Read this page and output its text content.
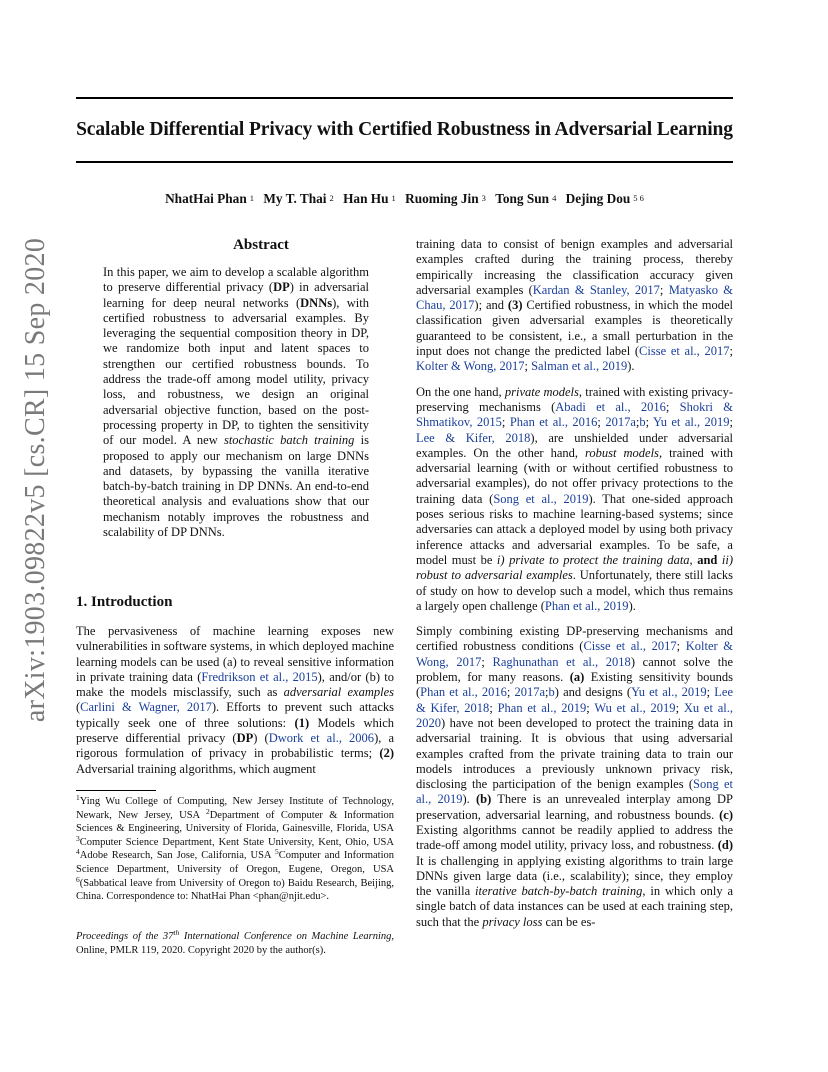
Scalable Differential Privacy with Certified Robustness in Adversarial Learning
NhatHai Phan $^1$ My T. Thai $^2$ Han Hu $^1$ Ruoming Jin $^3$ Tong Sun $^4$ Dejing Dou $^{5 6}$
arXiv:1903.09822v5 [cs.CR] 15 Sep 2020	Abstract
In this paper, we aim to develop a scalable algorithm to preserve differential privacy (DP) in adversarial learning for deep neural networks (DNNs), with certified robustness to adversarial examples. By leveraging the sequential composition theory in DP, we randomize both input and latent spaces to strengthen our certified robustness bounds. To address the trade-off among model utility, privacy loss, and robustness, we design an original adversarial objective function, based on the post-processing property in DP, to tighten the sensitivity of our model. A new stochastic batch training is proposed to apply our mechanism on large DNNs and datasets, by bypassing the vanilla iterative batch-by-batch training in DP DNNs. An end-to-end theoretical analysis and evaluations show that our mechanism notably improves the robustness and scalability of DP DNNs.
1. Introduction
The pervasiveness of machine learning exposes new vulnerabilities in software systems, in which deployed machine learning models can be used (a) to reveal sensitive information in private training data (Fredrikson et al., 2015), and/or (b) to make the models misclassify, such as adversarial examples (Carlini & Wagner, 2017). Efforts to prevent such attacks typically seek one of three solutions: (1) Models which preserve differential privacy (DP) (Dwork et al., 2006), a rigorous formulation of privacy in probabilistic terms; (2) Adversarial training algorithms, which augment
$^1$Ying Wu College of Computing, New Jersey Institute of Technology, Newark, New Jersey, USA $^2$Department of Computer & Information Sciences & Engineering, University of Florida, Gainesville, Florida, USA $^3$Computer Science Department, Kent State University, Kent, Ohio, USA $^4$Adobe Research, San Jose, California, USA $^5$Computer and Information Science Department, University of Oregon, Eugene, Oregon, USA $^6$(Sabbatical leave from University of Oregon to) Baidu Research, Beijing, China. Correspondence to: NhatHai Phan <phan@njit.edu>.
Proceedings of the 37th International Conference on Machine Learning, Online, PMLR 119, 2020. Copyright 2020 by the author(s).

training data to consist of benign examples and adversarial examples crafted during the training process, thereby empirically increasing the classification accuracy given adversarial examples (Kardan & Stanley, 2017; Matyasko & Chau, 2017); and (3) Certified robustness, in which the model classification given adversarial examples is theoretically guaranteed to be consistent, i.e., a small perturbation in the input does not change the predicted label (Cisse et al., 2017; Kolter & Wong, 2017; Salman et al., 2019).

On the one hand, private models, trained with existing privacy-preserving mechanisms (Abadi et al., 2016; Shokri & Shmatikov, 2015; Phan et al., 2016; 2017a;b; Yu et al., 2019; Lee & Kifer, 2018), are unshielded under adversarial examples. On the other hand, robust models, trained with adversarial learning (with or without certified robustness to adversarial examples), do not offer privacy protections to the training data (Song et al., 2019). That one-sided approach poses serious risks to machine learning-based systems; since adversaries can attack a deployed model by using both privacy inference attacks and adversarial examples. To be safe, a model must be i) private to protect the training data, and ii) robust to adversarial examples. Unfortunately, there still lacks of study on how to develop such a model, which thus remains a largely open challenge (Phan et al., 2019).

Simply combining existing DP-preserving mechanisms and certified robustness conditions (Cisse et al., 2017; Kolter & Wong, 2017; Raghunathan et al., 2018) cannot solve the problem, for many reasons. (a) Existing sensitivity bounds (Phan et al., 2016; 2017a;b) and designs (Yu et al., 2019; Lee & Kifer, 2018; Phan et al., 2019; Wu et al., 2019; Xu et al., 2020) have not been developed to protect the training data in adversarial training. It is obvious that using adversarial examples crafted from the private training data to train our models introduces a previously unknown privacy risk, disclosing the participation of the benign examples (Song et al., 2019). (b) There is an unrevealed interplay among DP preservation, adversarial learning, and robustness bounds. (c) Existing algorithms cannot be readily applied to address the trade-off among model utility, privacy loss, and robustness. (d) It is challenging in applying existing algorithms to train large DNNs given large data (i.e., scalability); since, they employ the vanilla iterative batch-by-batch training, in which only a single batch of data instances can be used at each training step, such that the privacy loss can be es-
